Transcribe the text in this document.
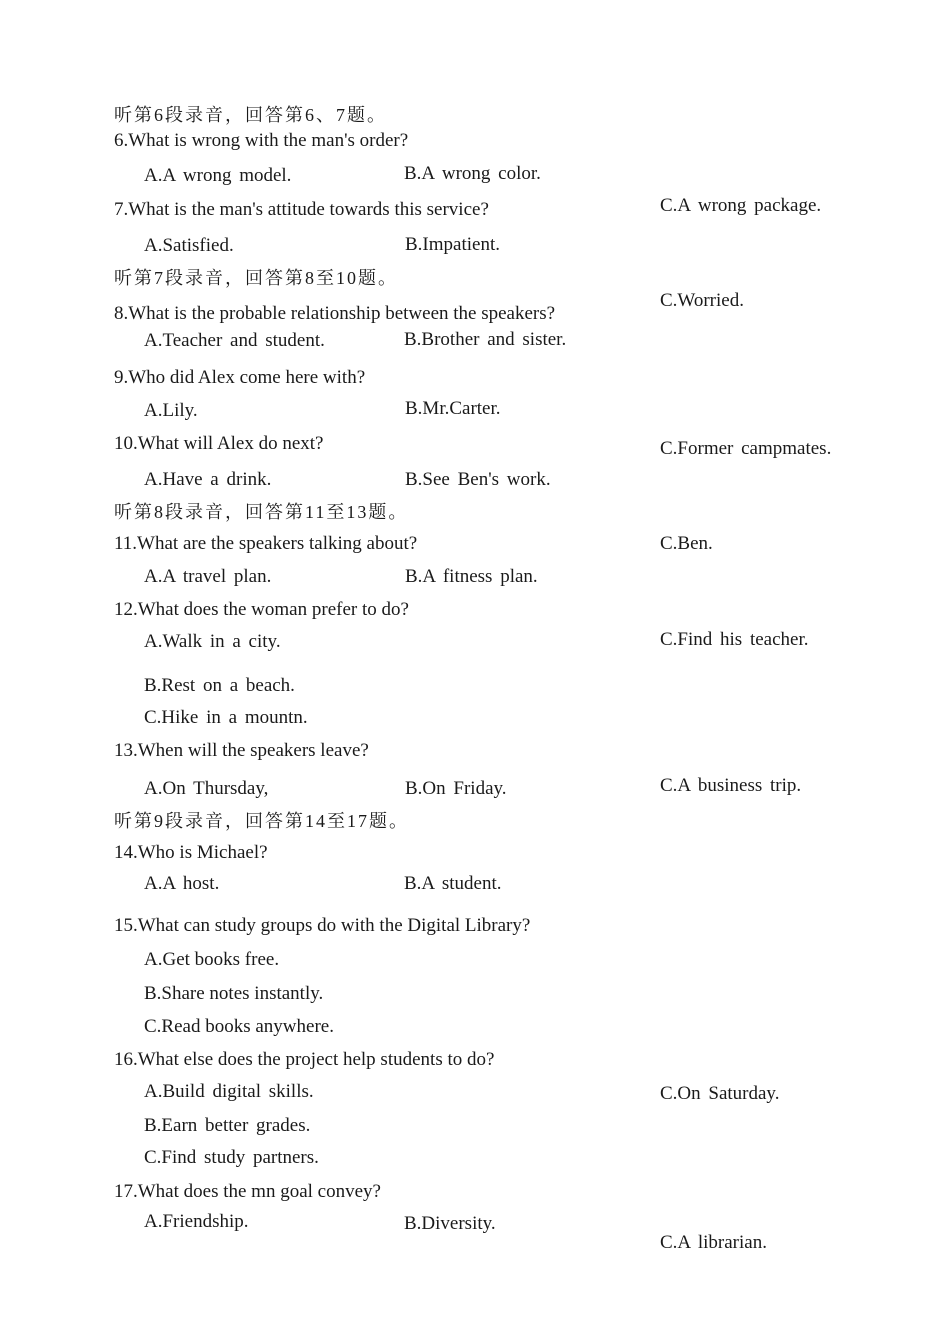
听第6段录音，回答第6、7题。
6.What is wrong with the man's order?
A.A wrong model.	B.A wrong color.
C.A wrong package.
7.What is the man's attitude towards this service?
A.Satisfied.	B.Impatient.
C.Worried.
听第7段录音，回答第8至10题。
8.What is the probable relationship between the speakers?
A.Teacher and student.	B.Brother and sister.
C.Former campmates.
9.Who did Alex come here with?
A.Lily.	B.Mr.Carter.
C.Ben.
10.What will Alex do next?
A.Have a drink.	B.See Ben's work.
C.Find his teacher.
听第8段录音，回答第11至13题。
11.What are the speakers talking about?
A.A travel plan.	B.A fitness plan.
C.A business trip.
12.What does the woman prefer to do?
A.Walk in a city.
B.Rest on a beach.
C.Hike in a mountn.
13.When will the speakers leave?
A.On Thursday,	B.On Friday.
C.On Saturday.
听第9段录音，回答第14至17题。
14.Who is Michael?
A.A host.	B.A student.
C.A librarian.
15.What can study groups do with the Digital Library?
A.Get books free.
B.Share notes instantly.
C.Read books anywhere.
16.What else does the project help students to do?
A.Build digital skills.
B.Earn better grades.
C.Find study partners.
17.What does the mn goal convey?
A.Friendship.	B.Diversity.
